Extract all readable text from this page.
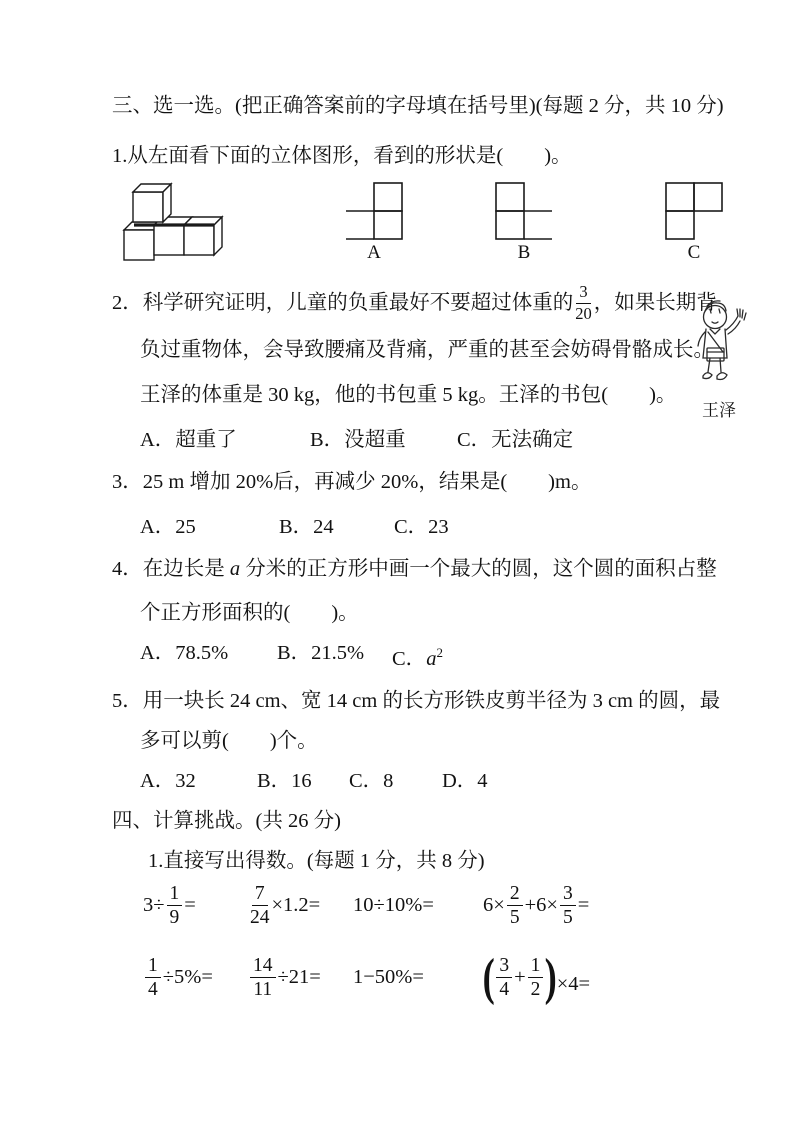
三、选一选。(把正确答案前的字母填在括号里)(每题 2 分，共 10 分)
1.从左面看下面的立体图形，看到的形状是(　　)。
A	B	C
2．科学研究证明，儿童的负重最好不要超过体重的 $\frac{3}{20}$ ，如果长期背
负过重物体，会导致腰痛及背痛，严重的甚至会妨碍骨骼成长。
王泽的体重是 30 kg，他的书包重 5 kg。王泽的书包(　　)。
A．超重了	B．没超重	C．无法确定
3．25 m 增加 20%后，再减少 20%，结果是(　　)m。
A．25	B．24	C．23
4．在边长是 a 分米的正方形中画一个最大的圆，这个圆的面积占整
个正方形面积的(　　)。
A．78.5%	B．21.5%	C．$a^2$
5．用一块长 24 cm、宽 14 cm 的长方形铁皮剪半径为 3 cm 的圆，最
多可以剪(　　)个。
A．32	B．16	C．8	D．4
四、计算挑战。(共 26 分)
1.直接写出得数。(每题 1 分，共 8 分)
$3\div \frac{1}{9}$ =	$\frac{7}{24} \times 1.2= 10\div 10\%= 6\times \frac{2}{5} +6\times \frac{3}{5}$ =
$\frac{1}{4} \div 5\%= \frac{14}{11} \div 21= 1-50\%=$ ( $\frac{3}{4} + \frac{1}{2}$ ) ×4=
王泽
